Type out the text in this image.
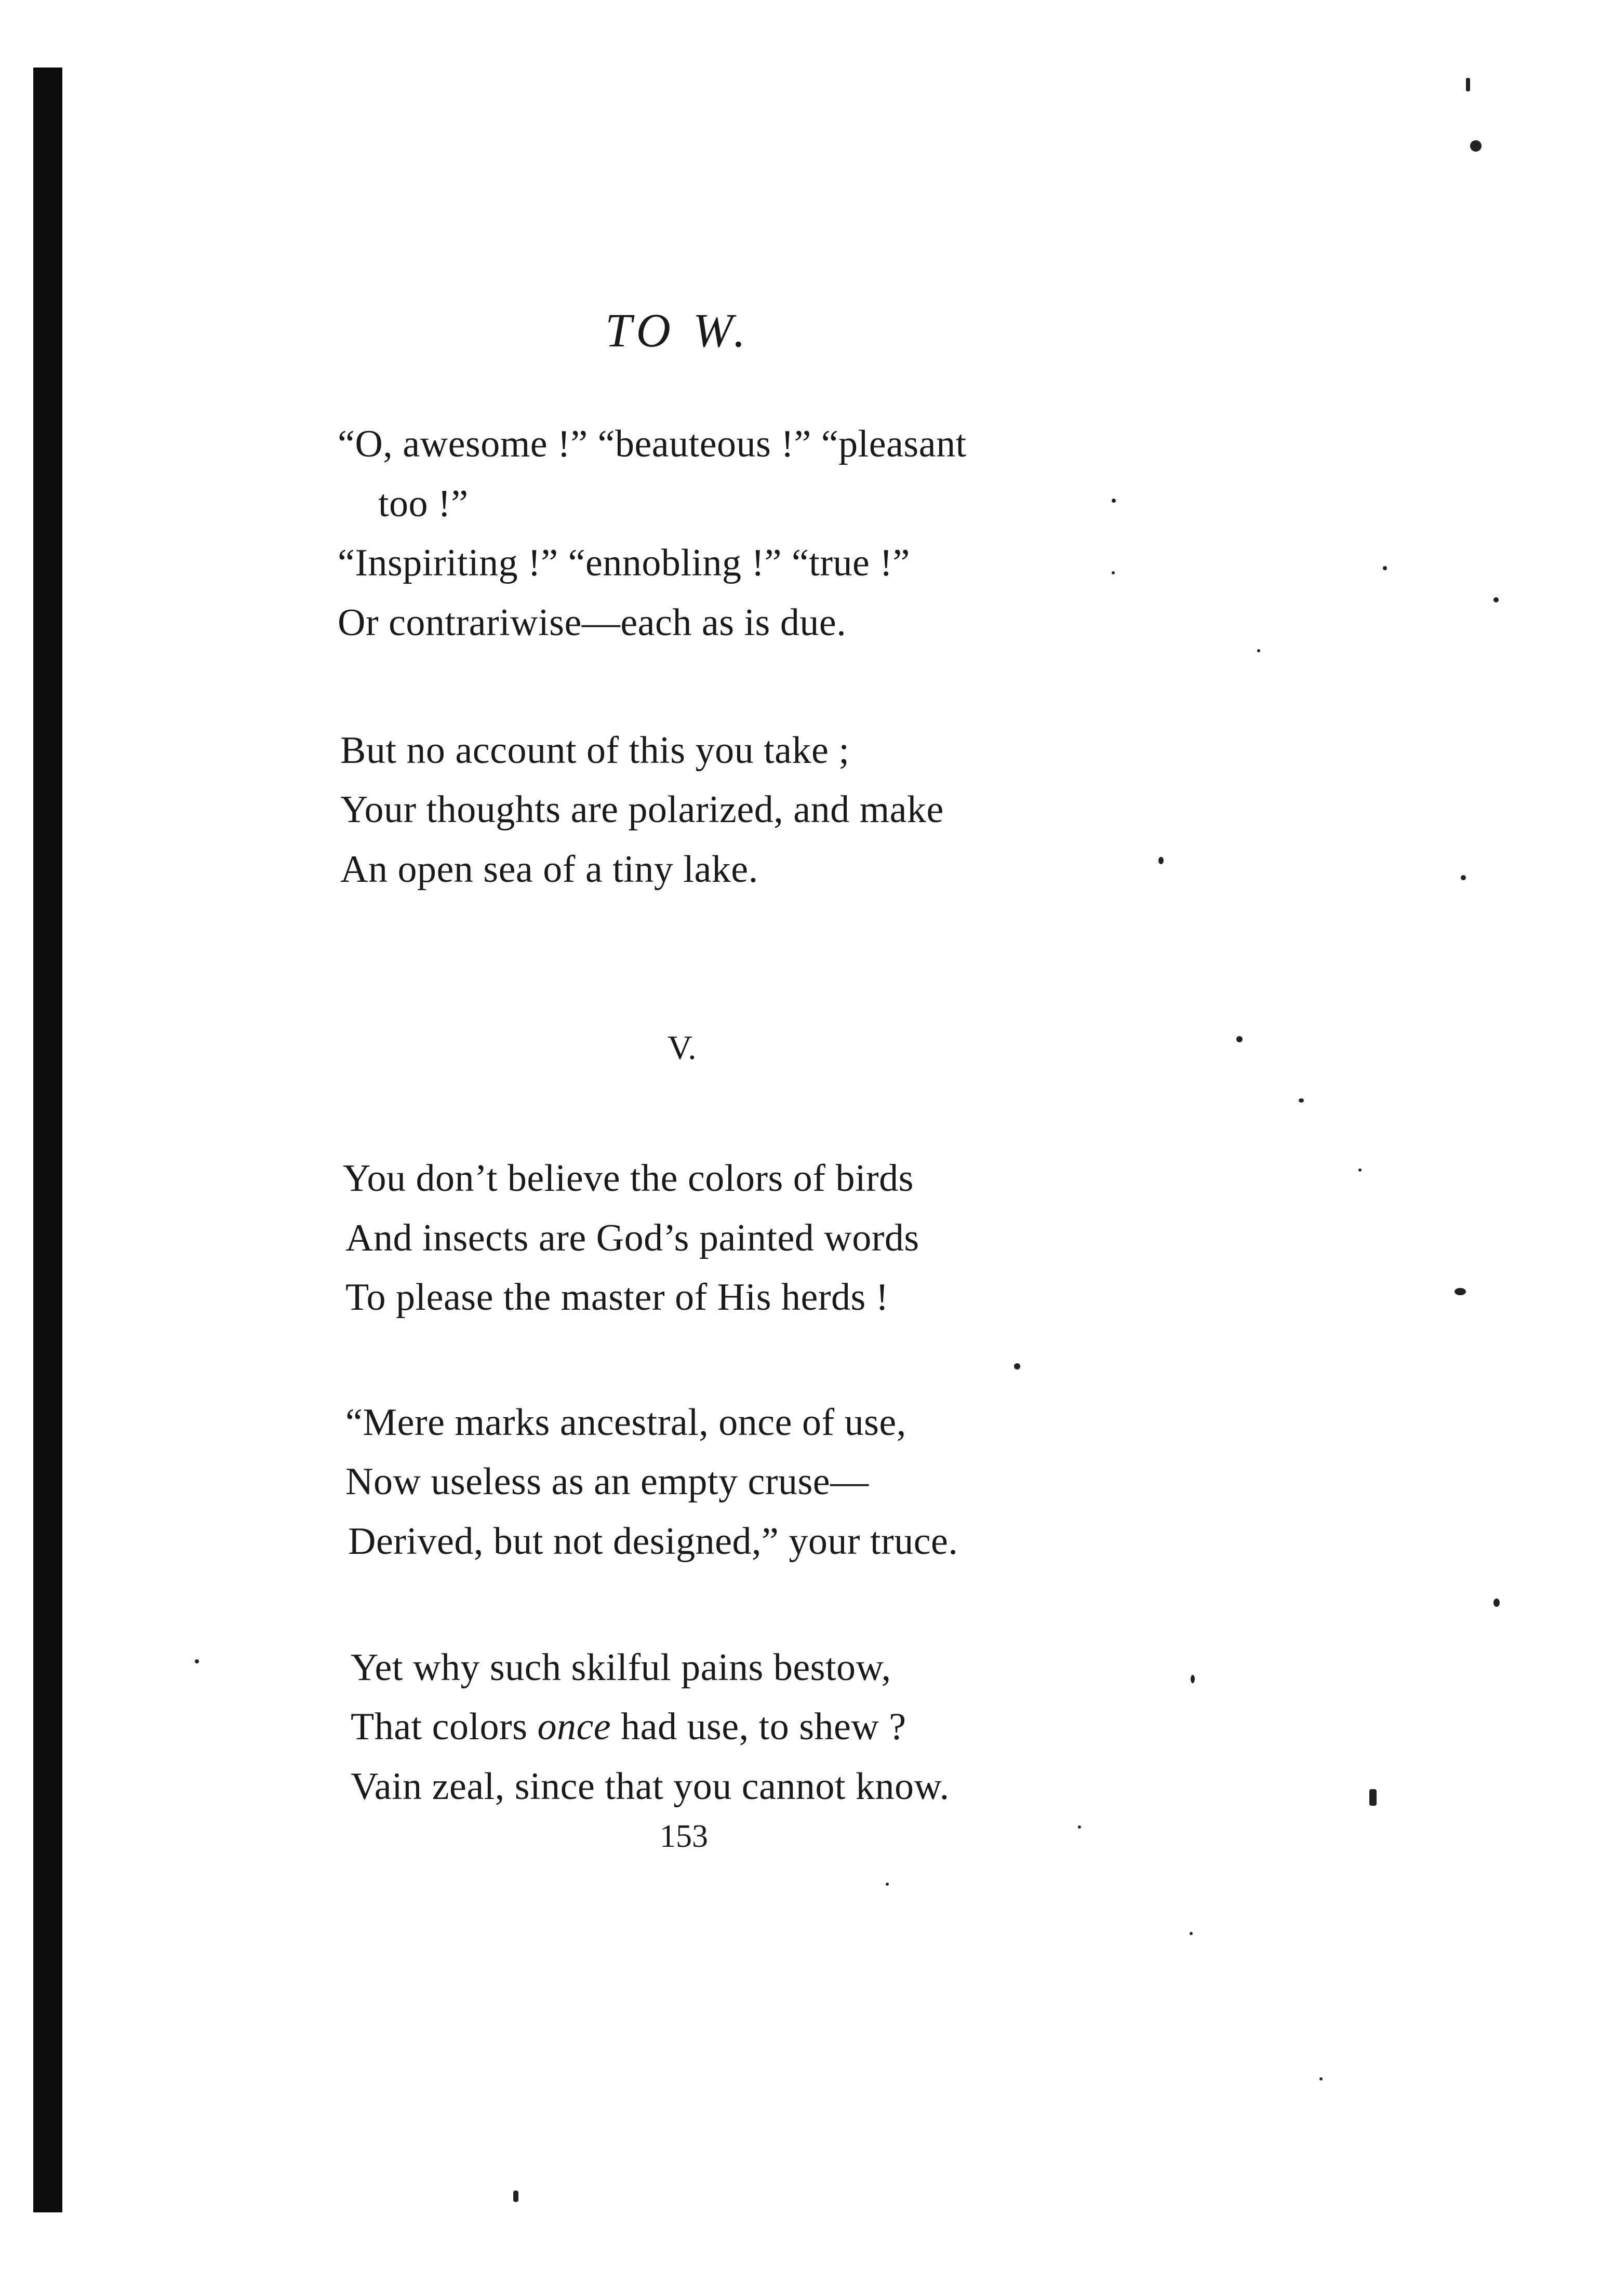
TO W.
“O, awesome !” “beauteous !” “pleasant
too !”
“Inspiriting !” “ennobling !” “true !”
Or contrariwise—each as is due.
But no account of this you take ;
Your thoughts are polarized, and make
An open sea of a tiny lake.
V.
You don’t believe the colors of birds
And insects are God’s painted words
To please the master of His herds !
“Mere marks ancestral, once of use,
Now useless as an empty cruse—
Derived, but not designed,” your truce.
Yet why such skilful pains bestow,
That colors once had use, to shew ?
Vain zeal, since that you cannot know.
153
